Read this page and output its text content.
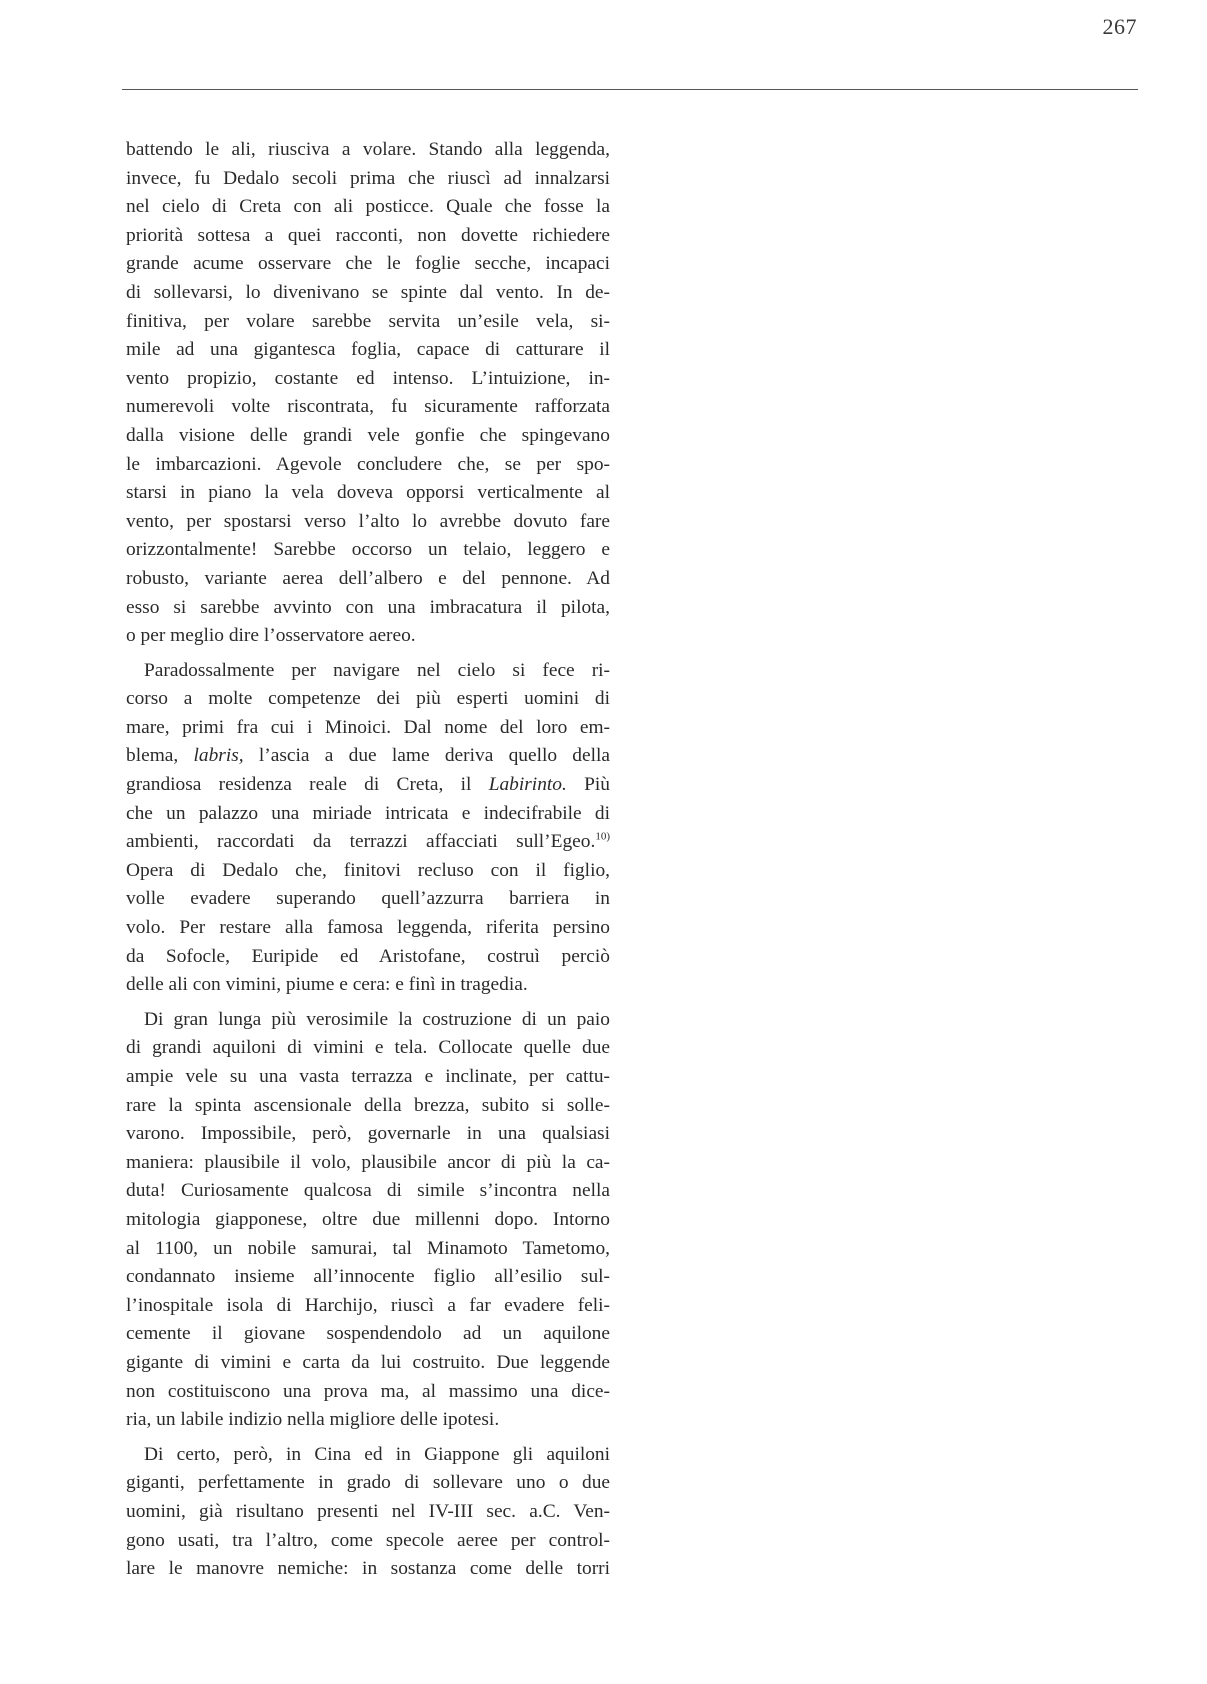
267
battendo le ali, riusciva a volare. Stando alla leggenda,
invece, fu Dedalo secoli prima che riuscì ad innalzarsi
nel cielo di Creta con ali posticce. Quale che fosse la
priorità sottesa a quei racconti, non dovette richiedere
grande acume osservare che le foglie secche, incapaci
di sollevarsi, lo divenivano se spinte dal vento. In de-
finitiva, per volare sarebbe servita un’esile vela, si-
mile ad una gigantesca foglia, capace di catturare il
vento propizio, costante ed intenso. L’intuizione, in-
numerevoli volte riscontrata, fu sicuramente rafforzata
dalla visione delle grandi vele gonfie che spingevano
le imbarcazioni. Agevole concludere che, se per spo-
starsi in piano la vela doveva opporsi verticalmente al
vento, per spostarsi verso l’alto lo avrebbe dovuto fare
orizzontalmente! Sarebbe occorso un telaio, leggero e
robusto, variante aerea dell’albero e del pennone. Ad
esso si sarebbe avvinto con una imbracatura il pilota,
o per meglio dire l’osservatore aereo.
Paradossalmente per navigare nel cielo si fece ri-
corso a molte competenze dei più esperti uomini di
mare, primi fra cui i Minoici. Dal nome del loro em-
blema, labris, l’ascia a due lame deriva quello della
grandiosa residenza reale di Creta, il Labirinto. Più
che un palazzo una miriade intricata e indecifrabile di
ambienti, raccordati da terrazzi affacciati sull’Egeo.$^{10)}$
Opera di Dedalo che, finitovi recluso con il figlio,
volle evadere superando quell’azzurra barriera in
volo. Per restare alla famosa leggenda, riferita persino
da Sofocle, Euripide ed Aristofane, costruì perciò
delle ali con vimini, piume e cera: e finì in tragedia.
Di gran lunga più verosimile la costruzione di un paio
di grandi aquiloni di vimini e tela. Collocate quelle due
ampie vele su una vasta terrazza e inclinate, per cattu-
rare la spinta ascensionale della brezza, subito si solle-
varono. Impossibile, però, governarle in una qualsiasi
maniera: plausibile il volo, plausibile ancor di più la ca-
duta! Curiosamente qualcosa di simile s’incontra nella
mitologia giapponese, oltre due millenni dopo. Intorno
al 1100, un nobile samurai, tal Minamoto Tametomo,
condannato insieme all’innocente figlio all’esilio sul-
l’inospitale isola di Harchijo, riuscì a far evadere feli-
cemente il giovane sospendendolo ad un aquilone
gigante di vimini e carta da lui costruito. Due leggende
non costituiscono una prova ma, al massimo una dice-
ria, un labile indizio nella migliore delle ipotesi.
Di certo, però, in Cina ed in Giappone gli aquiloni
giganti, perfettamente in grado di sollevare uno o due
uomini, già risultano presenti nel IV-III sec. a.C. Ven-
gono usati, tra l’altro, come specole aeree per control-
lare le manovre nemiche: in sostanza come delle torri
